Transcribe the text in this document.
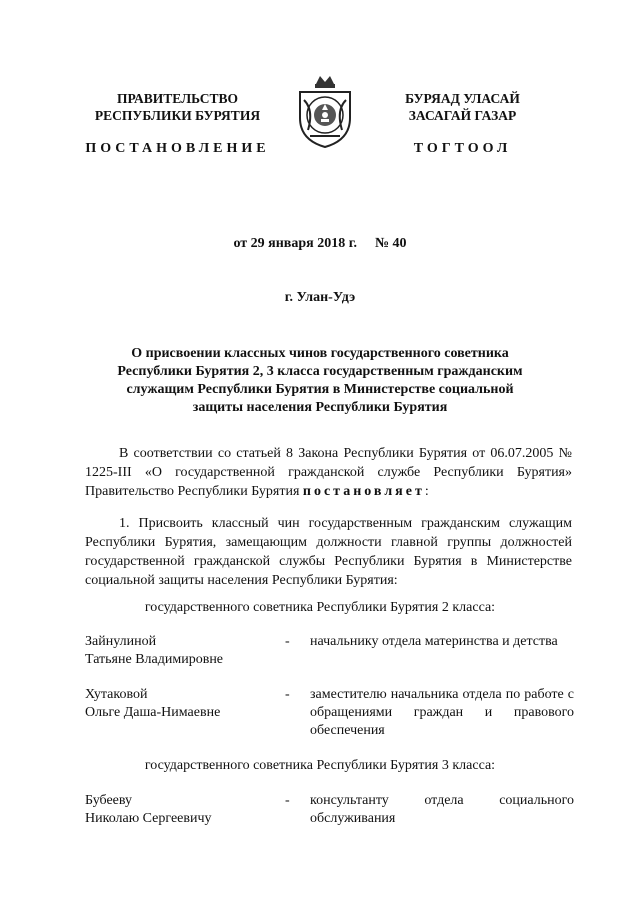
ПРАВИТЕЛЬСТВО
РЕСПУБЛИКИ БУРЯТИЯ
БУРЯАД УЛАСАЙ
ЗАСАГАЙ ГАЗАР
ПОСТАНОВЛЕНИЕ	ТОГТООЛ
от 29 января 2018 г. № 40
г. Улан-Удэ
О присвоении классных чинов государственного советника
Республики Бурятия 2, 3 класса государственным гражданским
служащим Республики Бурятия в Министерстве социальной
защиты населения Республики Бурятия
В соответствии со статьей 8 Закона Республики Бурятия от 06.07.2005 № 1225-III «О государственной гражданской службе Республики Бурятия» Правительство Республики Бурятия постановляет:
1. Присвоить классный чин государственным гражданским служащим Республики Бурятия, замещающим должности главной группы должностей государственной гражданской службы Республики Бурятия в Министерстве социальной защиты населения Республики Бурятия:
государственного советника Республики Бурятия 2 класса:
Зайнулиной
Татьяне Владимировне
- начальнику отдела материнства и детства
Хутаковой
Ольге Даша-Нимаевне
- заместителю начальника отдела по работе с обращениями граждан и правового обеспечения
государственного советника Республики Бурятия 3 класса:
Бубееву
Николаю Сергеевичу
- консультанту отдела социального обслуживания
